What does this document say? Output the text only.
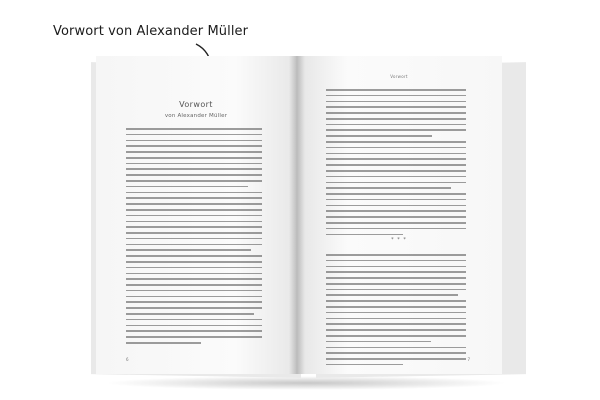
Vorwort von Alexander Müller
Vorwort
von Alexander Müller
6
Vorwort
* * *
7
